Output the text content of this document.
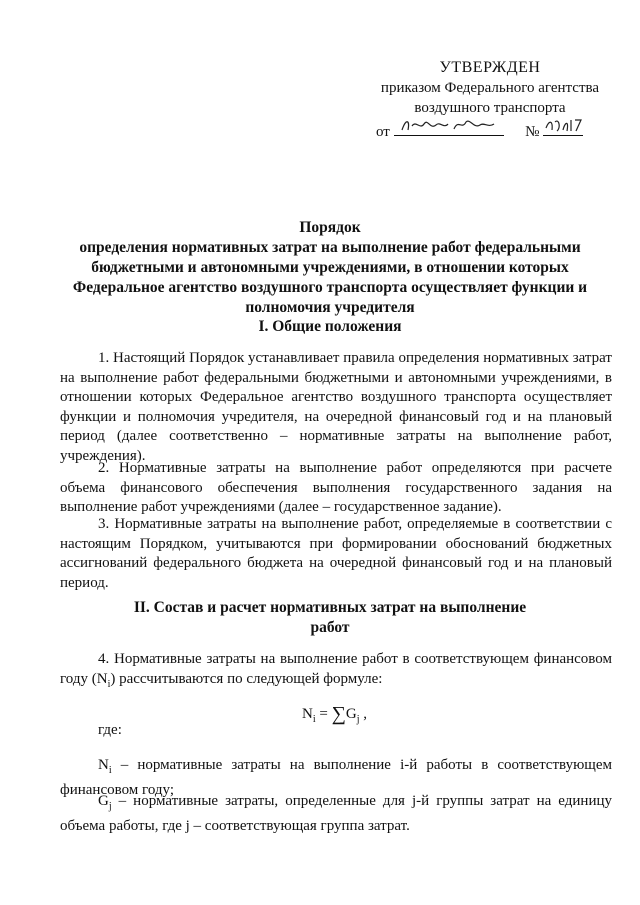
УТВЕРЖДЕН
приказом Федерального агентства
воздушного транспорта
от	№
Порядок
определения нормативных затрат на выполнение работ федеральными
бюджетными и автономными учреждениями, в отношении которых
Федеральное агентство воздушного транспорта осуществляет функции и
полномочия учредителя
I. Общие положения

1. Настоящий Порядок устанавливает правила определения нормативных затрат на выполнение работ федеральными бюджетными и автономными учреждениями, в отношении которых Федеральное агентство воздушного транспорта осуществляет функции и полномочия учредителя, на очередной финансовый год и на плановый период (далее соответственно – нормативные затраты на выполнение работ, учреждения).

2. Нормативные затраты на выполнение работ определяются при расчете объема финансового обеспечения выполнения государственного задания на выполнение работ учреждениями (далее – государственное задание).

3. Нормативные затраты на выполнение работ, определяемые в соответствии с настоящим Порядком, учитываются при формировании обоснований бюджетных ассигнований федерального бюджета на очередной финансовый год и на плановый период.

II. Состав и расчет нормативных затрат на выполнение
работ

4. Нормативные затраты на выполнение работ в соответствующем финансовом году $(N_i)$ рассчитываются по следующей формуле:

$N_i = \sum G_j$ ,
где:

$N_i$ – нормативные затраты на выполнение i-й работы в соответствующем финансовом году;

$G_j$ – нормативные затраты, определенные для j-й группы затрат на единицу объема работы, где j – соответствующая группа затрат.
